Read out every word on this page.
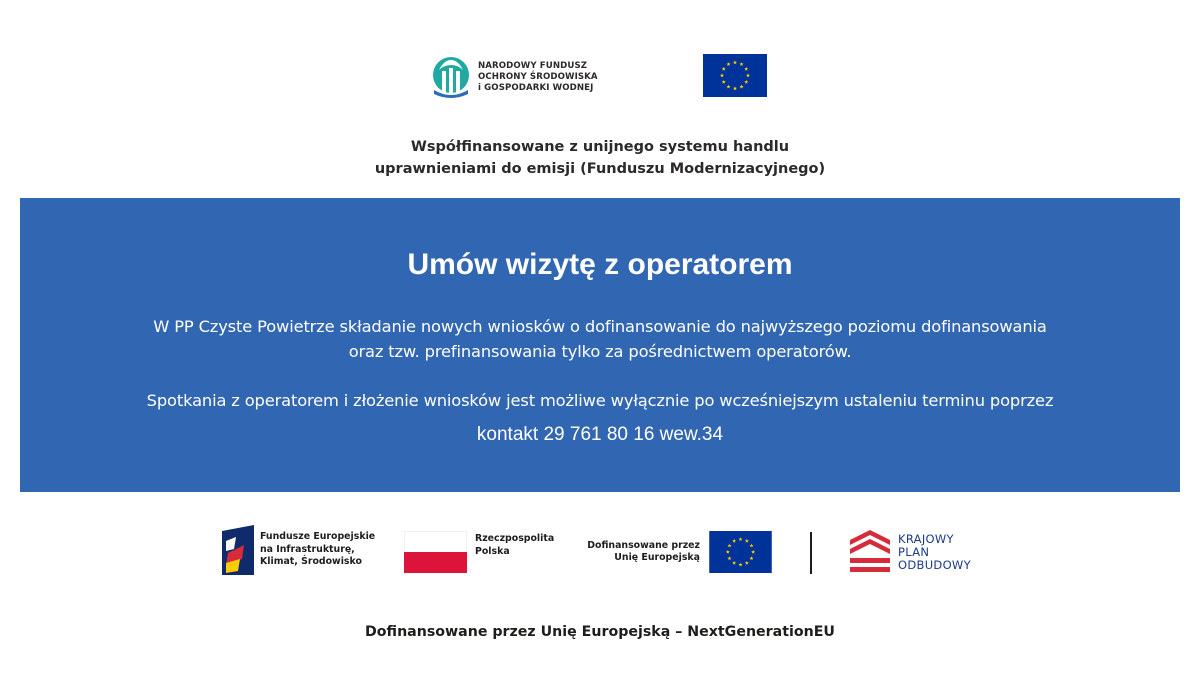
NARODOWY FUNDUSZ
OCHRONY ŚRODOWISKA
i GOSPODARKI WODNEJ
Współfinansowane z unijnego systemu handlu
uprawnieniami do emisji (Funduszu Modernizacyjnego)
Umów wizytę z operatorem
W PP Czyste Powietrze składanie nowych wniosków o dofinansowanie do najwyższego poziomu dofinansowania
oraz tzw. prefinansowania tylko za pośrednictwem operatorów.
Spotkania z operatorem i złożenie wniosków jest możliwe wyłącznie po wcześniejszym ustaleniu terminu poprzez
kontakt 29 761 80 16 wew.34
Fundusze Europejskie
na Infrastrukturę,
Klimat, Środowisko
Rzeczpospolita
Polska
Dofinansowane przez
Unię Europejską
KRAJOWY
PLAN
ODBUDOWY
Dofinansowane przez Unię Europejską – NextGenerationEU
